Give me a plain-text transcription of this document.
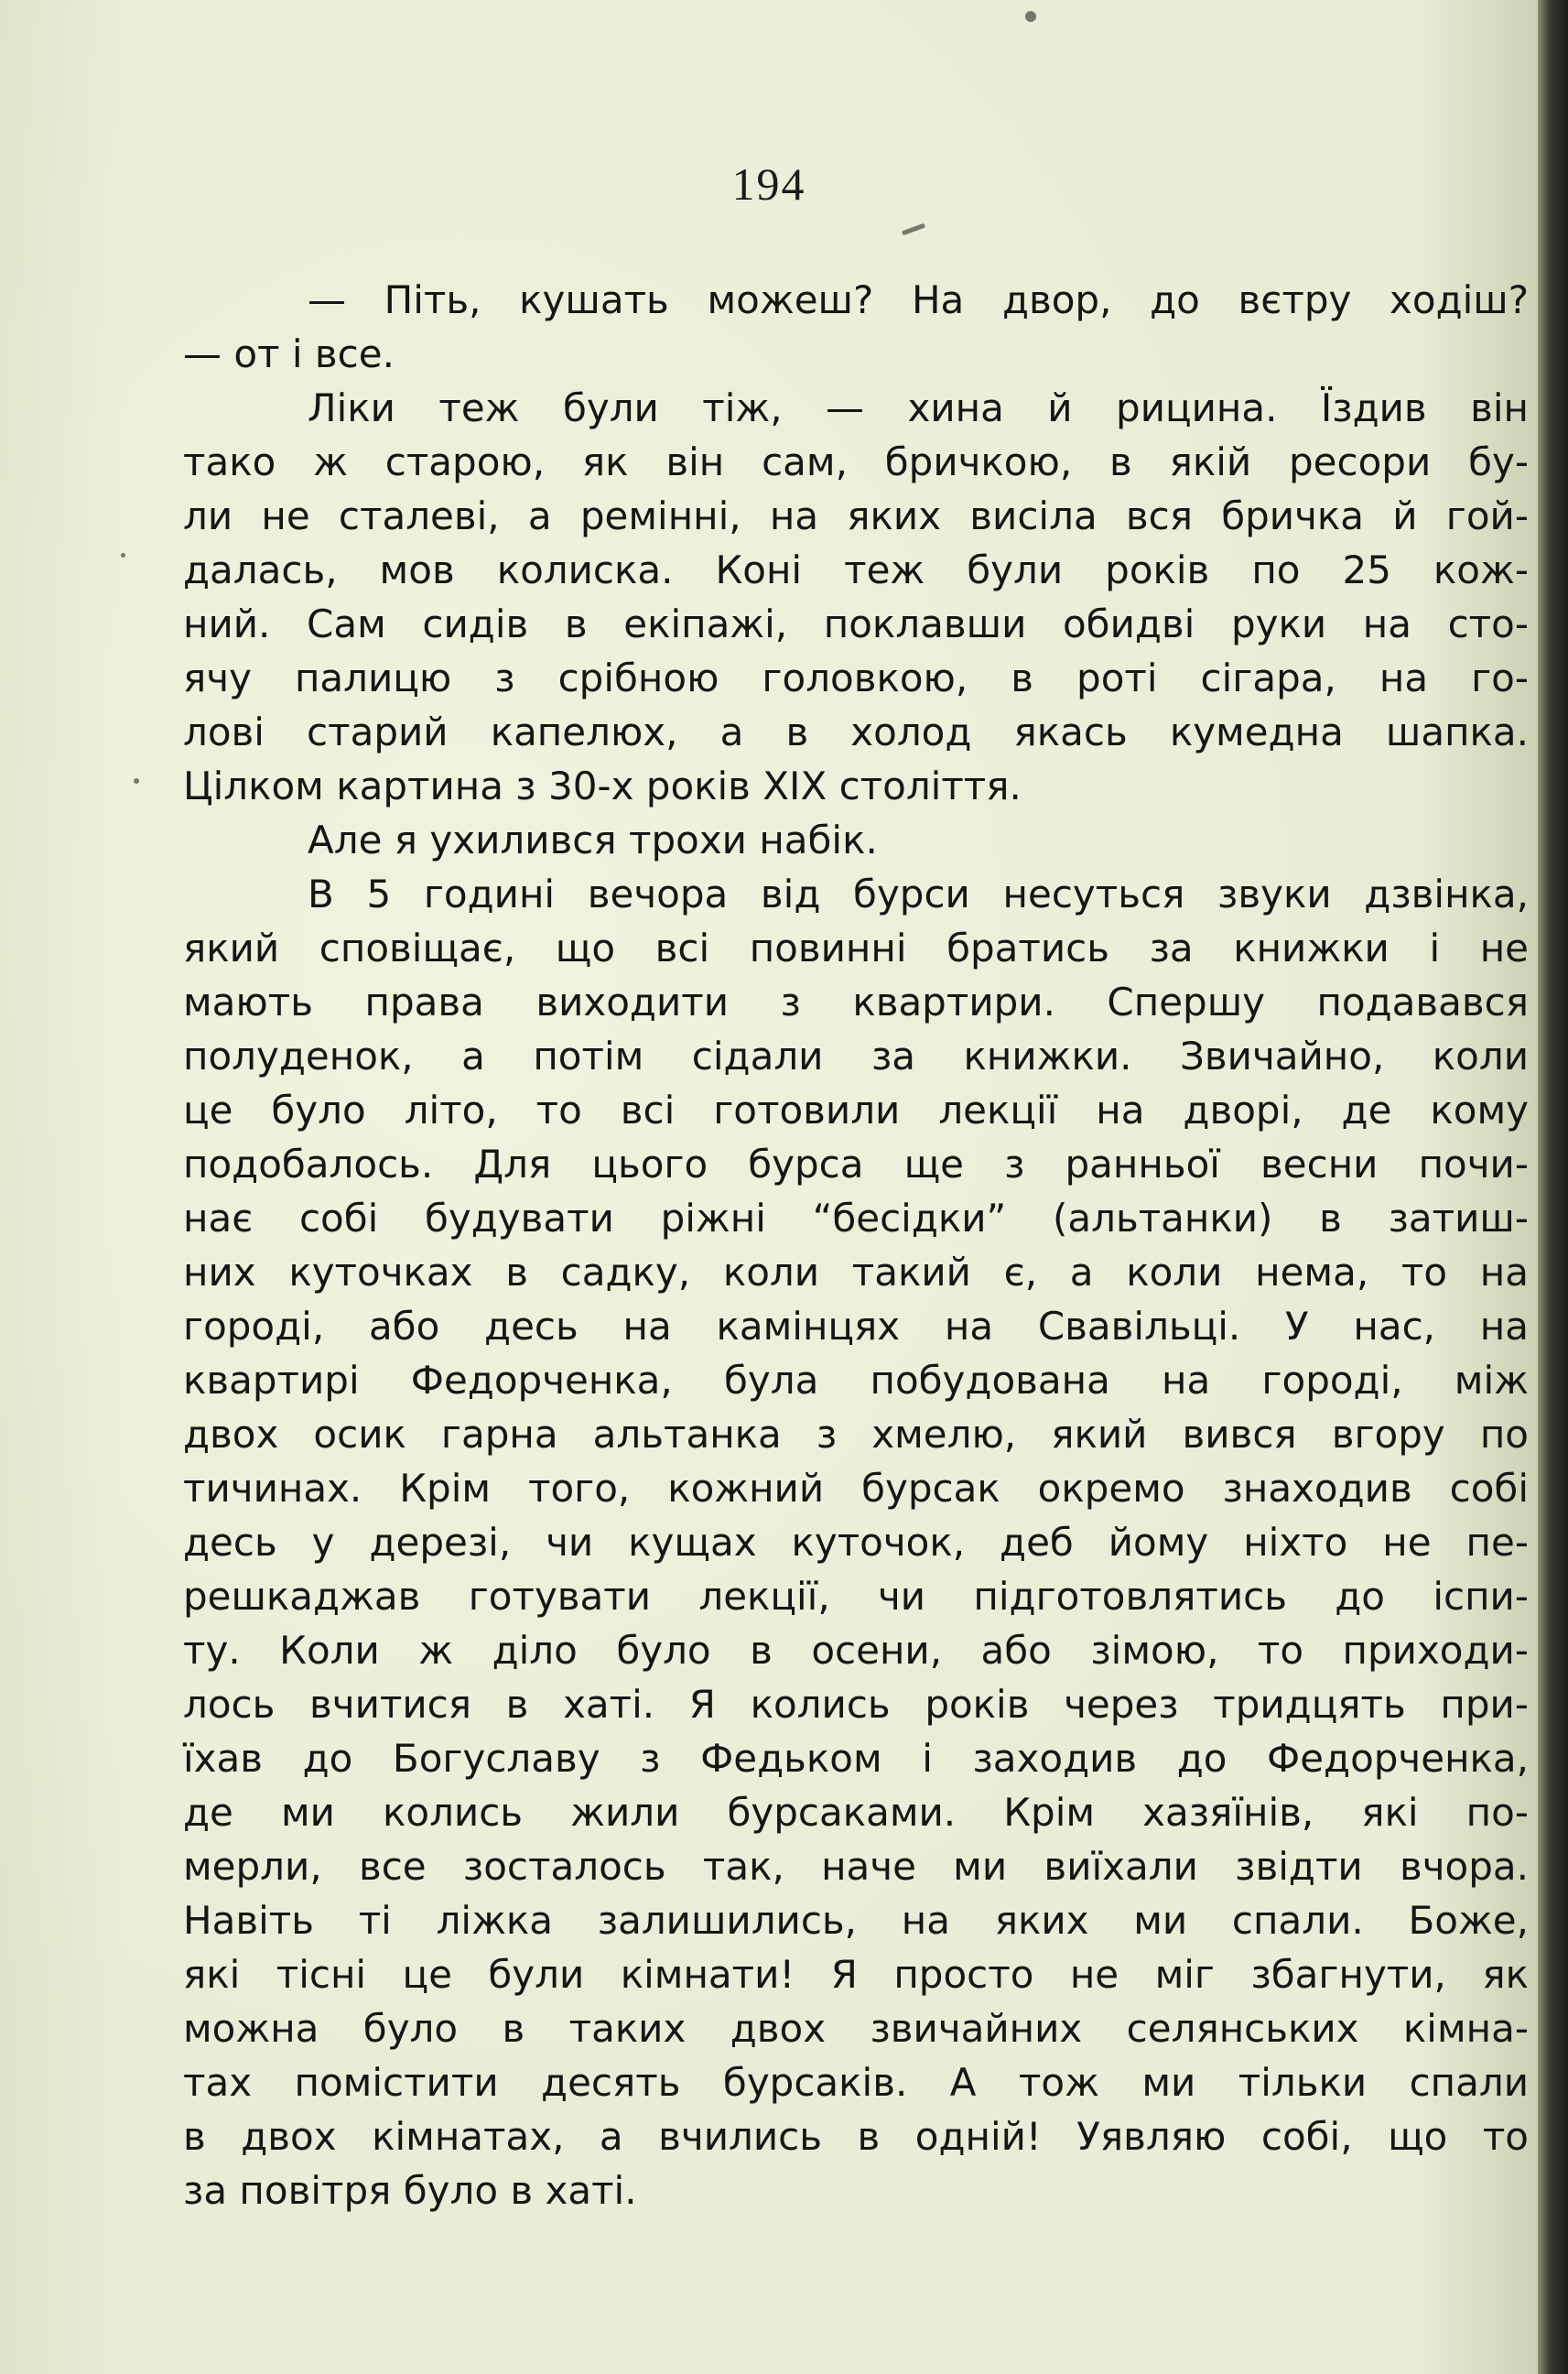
194
— Піть, кушать можеш? На двор, до вєтру ходіш?
— от і все.
Ліки теж були тіж, — хина й рицина. Їздив він
тако ж старою, як він сам, бричкою, в якій ресори бу-
ли не сталеві, а ремінні, на яких висіла вся бричка й гой-
далась, мов колиска. Коні теж були років по 25 кож-
ний. Сам сидів в екіпажі, поклавши обидві руки на сто-
ячу палицю з срібною головкою, в роті сігара, на го-
лові старий капелюх, а в холод якась кумедна шапка.
Цілком картина з 30-х років XIX століття.
Але я ухилився трохи набік.
В 5 годині вечора від бурси несуться звуки дзвінка,
який сповіщає, що всі повинні братись за книжки і не
мають права виходити з квартири. Спершу подавався
полуденок, а потім сідали за книжки. Звичайно, коли
це було літо, то всі готовили лекції на дворі, де кому
подобалось. Для цього бурса ще з ранньої весни почи-
нає собі будувати ріжні “бесідки” (альтанки) в затиш-
них куточках в садку, коли такий є, а коли нема, то на
городі, або десь на камінцях на Свавільці. У нас, на
квартирі Федорченка, була побудована на городі, між
двох осик гарна альтанка з хмелю, який вився вгору по
тичинах. Крім того, кожний бурсак окремо знаходив собі
десь у дерезі, чи кущах куточок, деб йому ніхто не пе-
решкаджав готувати лекції, чи підготовлятись до іспи-
ту. Коли ж діло було в осени, або зімою, то приходи-
лось вчитися в хаті. Я колись років через тридцять при-
їхав до Богуславу з Федьком і заходив до Федорченка,
де ми колись жили бурсаками. Крім хазяїнів, які по-
мерли, все зосталось так, наче ми виїхали звідти вчора.
Навіть ті ліжка залишились, на яких ми спали. Боже,
які тісні це були кімнати! Я просто не міг збагнути, як
можна було в таких двох звичайних селянських кімна-
тах помістити десять бурсаків. А тож ми тільки спали
в двох кімнатах, а вчились в одній! Уявляю собі, що то
за повітря було в хаті.
